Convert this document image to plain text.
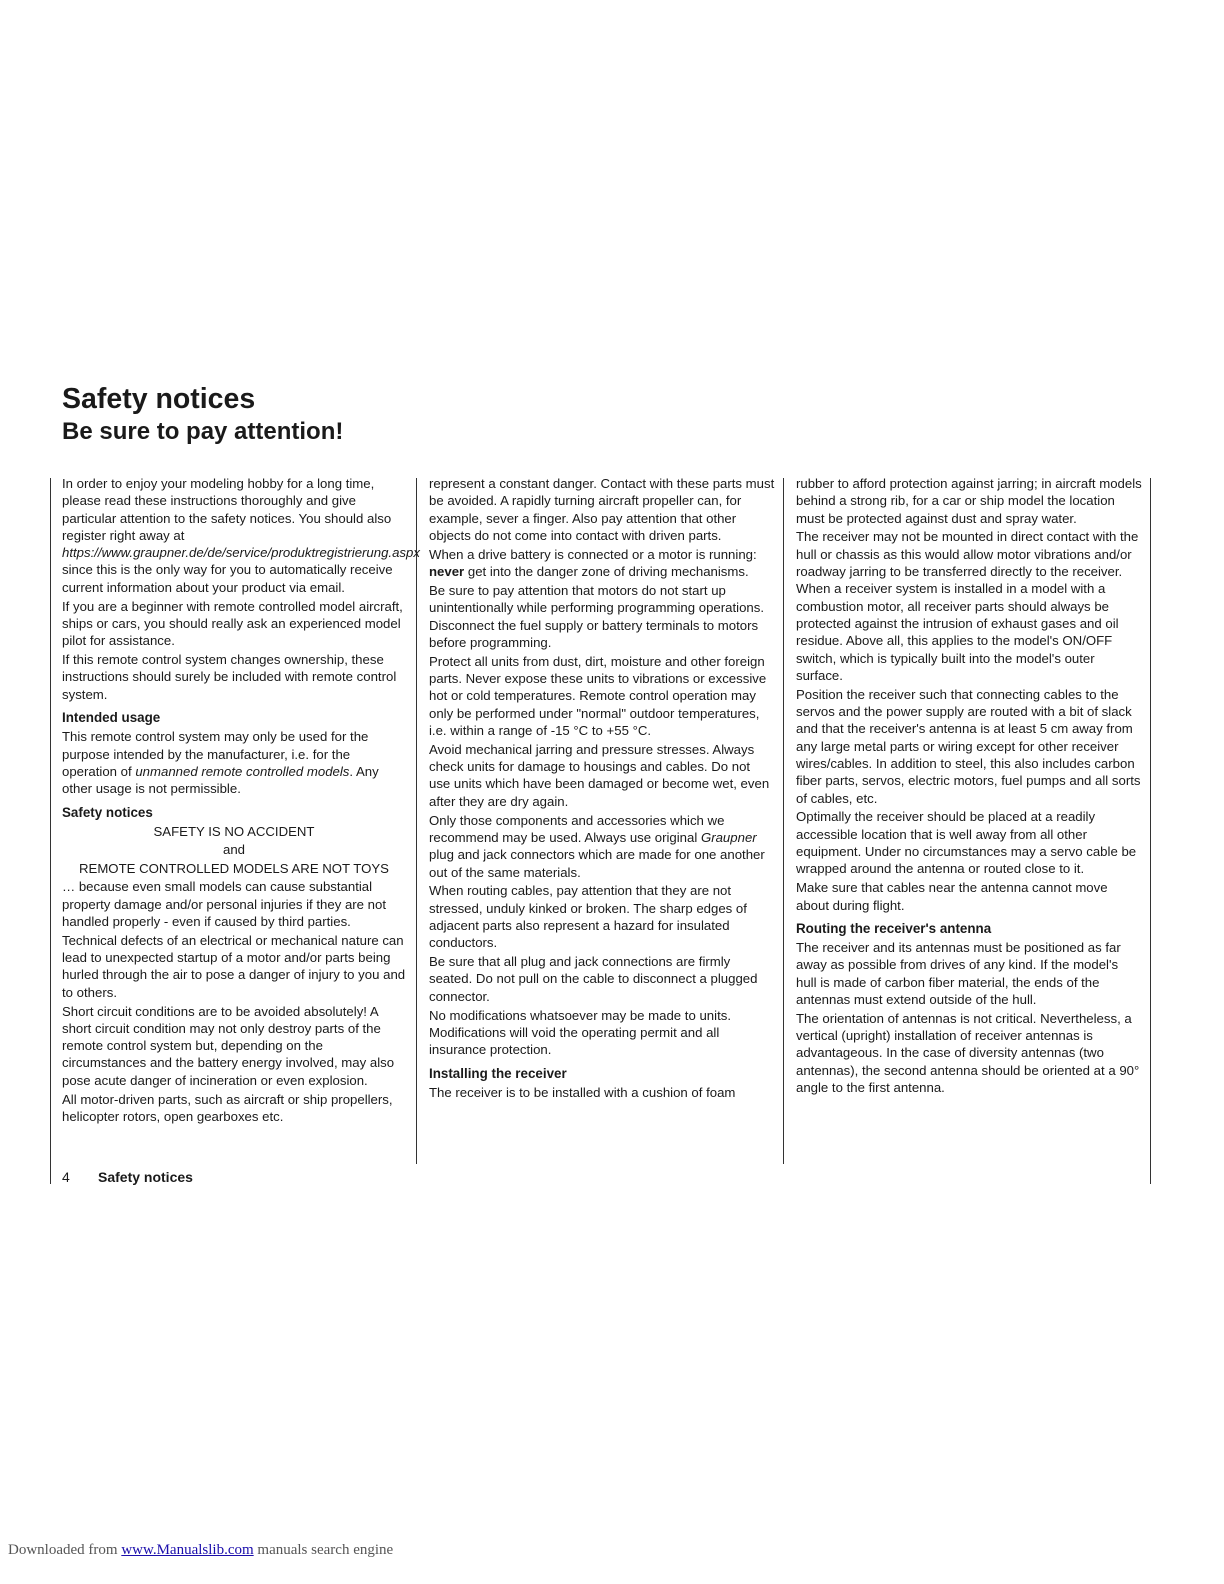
Safety notices
Be sure to pay attention!

In order to enjoy your modeling hobby for a long time, please read these instructions thoroughly and give particular attention to the safety notices. You should also register right away at https://www.graupner.de/de/service/produktregistrierung.aspx since this is the only way for you to automatically receive current information about your product via email.

If you are a beginner with remote controlled model aircraft, ships or cars, you should really ask an experienced model pilot for assistance.

If this remote control system changes ownership, these instructions should surely be included with remote control system.

Intended usage

This remote control system may only be used for the purpose intended by the manufacturer, i.e. for the operation of unmanned remote controlled models. Any other usage is not permissible.

Safety notices

SAFETY IS NO ACCIDENT

and

REMOTE CONTROLLED MODELS ARE NOT TOYS

… because even small models can cause substantial property damage and/or personal injuries if they are not handled properly - even if caused by third parties.

Technical defects of an electrical or mechanical nature can lead to unexpected startup of a motor and/or parts being hurled through the air to pose a danger of injury to you and to others.

Short circuit conditions are to be avoided absolutely! A short circuit condition may not only destroy parts of the remote control system but, depending on the circumstances and the battery energy involved, may also pose acute danger of incineration or even explosion.

All motor-driven parts, such as aircraft or ship propellers, helicopter rotors, open gearboxes etc.

represent a constant danger. Contact with these parts must be avoided. A rapidly turning aircraft propeller can, for example, sever a finger. Also pay attention that other objects do not come into contact with driven parts.

When a drive battery is connected or a motor is running: never get into the danger zone of driving mechanisms.

Be sure to pay attention that motors do not start up unintentionally while performing programming operations. Disconnect the fuel supply or battery terminals to motors before programming.

Protect all units from dust, dirt, moisture and other foreign parts. Never expose these units to vibrations or excessive hot or cold temperatures. Remote control operation may only be performed under "normal" outdoor temperatures, i.e. within a range of -15 °C to +55 °C.

Avoid mechanical jarring and pressure stresses. Always check units for damage to housings and cables. Do not use units which have been damaged or become wet, even after they are dry again.

Only those components and accessories which we recommend may be used. Always use original Graupner plug and jack connectors which are made for one another out of the same materials.

When routing cables, pay attention that they are not stressed, unduly kinked or broken. The sharp edges of adjacent parts also represent a hazard for insulated conductors.

Be sure that all plug and jack connections are firmly seated. Do not pull on the cable to disconnect a plugged connector.

No modifications whatsoever may be made to units. Modifications will void the operating permit and all insurance protection.

Installing the receiver

The receiver is to be installed with a cushion of foam

rubber to afford protection against jarring; in aircraft models behind a strong rib, for a car or ship model the location must be protected against dust and spray water.

The receiver may not be mounted in direct contact with the hull or chassis as this would allow motor vibrations and/or roadway jarring to be transferred directly to the receiver. When a receiver system is installed in a model with a combustion motor, all receiver parts should always be protected against the intrusion of exhaust gases and oil residue. Above all, this applies to the model's ON/OFF switch, which is typically built into the model's outer surface.

Position the receiver such that connecting cables to the servos and the power supply are routed with a bit of slack and that the receiver's antenna is at least 5 cm away from any large metal parts or wiring except for other receiver wires/cables. In addition to steel, this also includes carbon fiber parts, servos, electric motors, fuel pumps and all sorts of cables, etc.

Optimally the receiver should be placed at a readily accessible location that is well away from all other equipment. Under no circumstances may a servo cable be wrapped around the antenna or routed close to it.

Make sure that cables near the antenna cannot move about during flight.

Routing the receiver's antenna

The receiver and its antennas must be positioned as far away as possible from drives of any kind. If the model's hull is made of carbon fiber material, the ends of the antennas must extend outside of the hull.

The orientation of antennas is not critical. Nevertheless, a vertical (upright) installation of receiver antennas is advantageous. In the case of diversity antennas (two antennas), the second antenna should be oriented at a 90° angle to the first antenna.

4 Safety notices
Downloaded from www.Manualslib.com manuals search engine
